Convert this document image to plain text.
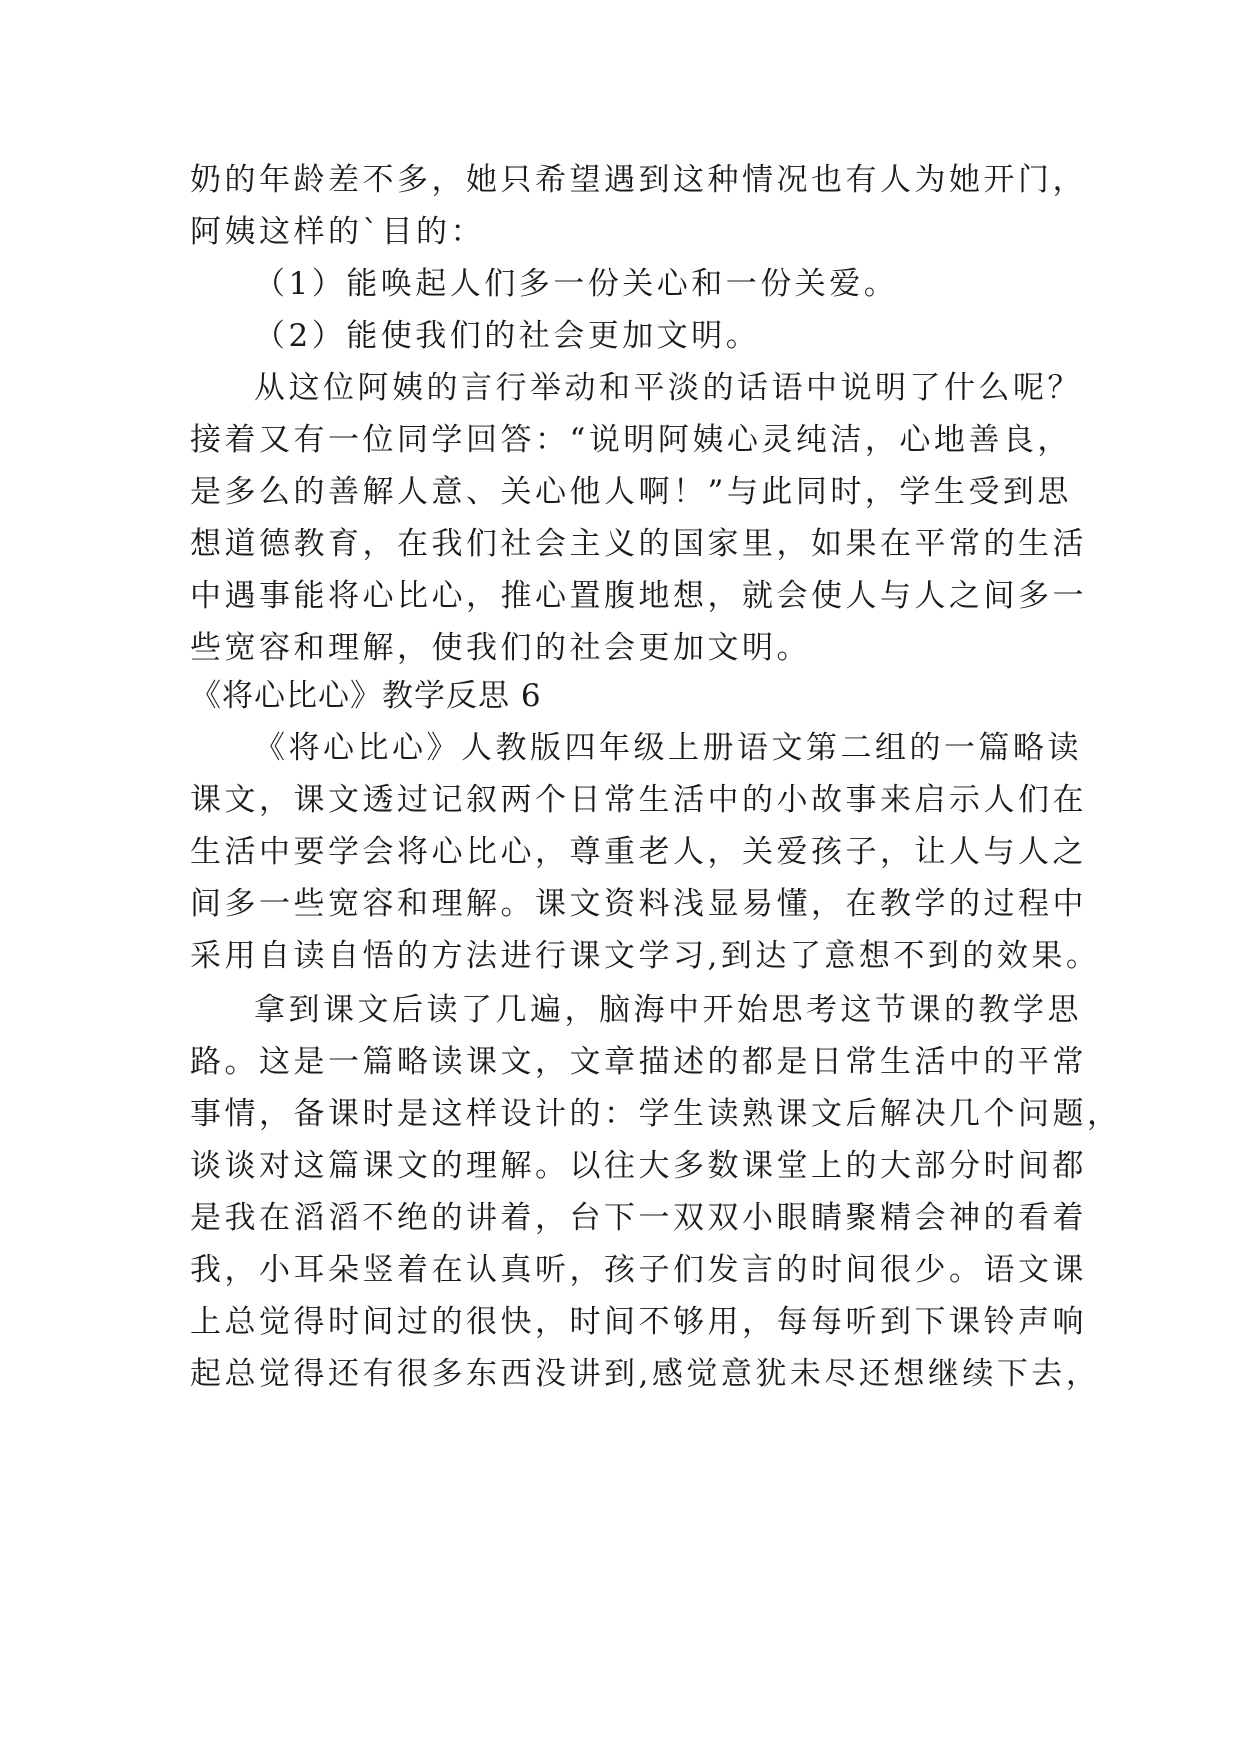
奶的年龄差不多，她只希望遇到这种情况也有人为她开门，
阿姨这样的`目的：
（1）能唤起人们多一份关心和一份关爱。
（2）能使我们的社会更加文明。
从这位阿姨的言行举动和平淡的话语中说明了什么呢？
接着又有一位同学回答：“说明阿姨心灵纯洁，心地善良，
是多么的善解人意、关心他人啊！”与此同时，学生受到思
想道德教育，在我们社会主义的国家里，如果在平常的生活
中遇事能将心比心，推心置腹地想，就会使人与人之间多一
些宽容和理解，使我们的社会更加文明。
《将心比心》教学反思 6
《将心比心》人教版四年级上册语文第二组的一篇略读
课文，课文透过记叙两个日常生活中的小故事来启示人们在
生活中要学会将心比心，尊重老人，关爱孩子，让人与人之
间多一些宽容和理解。课文资料浅显易懂，在教学的过程中
采用自读自悟的方法进行课文学习,到达了意想不到的效果。
拿到课文后读了几遍，脑海中开始思考这节课的教学思
路。这是一篇略读课文，文章描述的都是日常生活中的平常
事情，备课时是这样设计的：学生读熟课文后解决几个问题，
谈谈对这篇课文的理解。以往大多数课堂上的大部分时间都
是我在滔滔不绝的讲着，台下一双双小眼睛聚精会神的看着
我，小耳朵竖着在认真听，孩子们发言的时间很少。语文课
上总觉得时间过的很快，时间不够用，每每听到下课铃声响
起总觉得还有很多东西没讲到,感觉意犹未尽还想继续下去，
